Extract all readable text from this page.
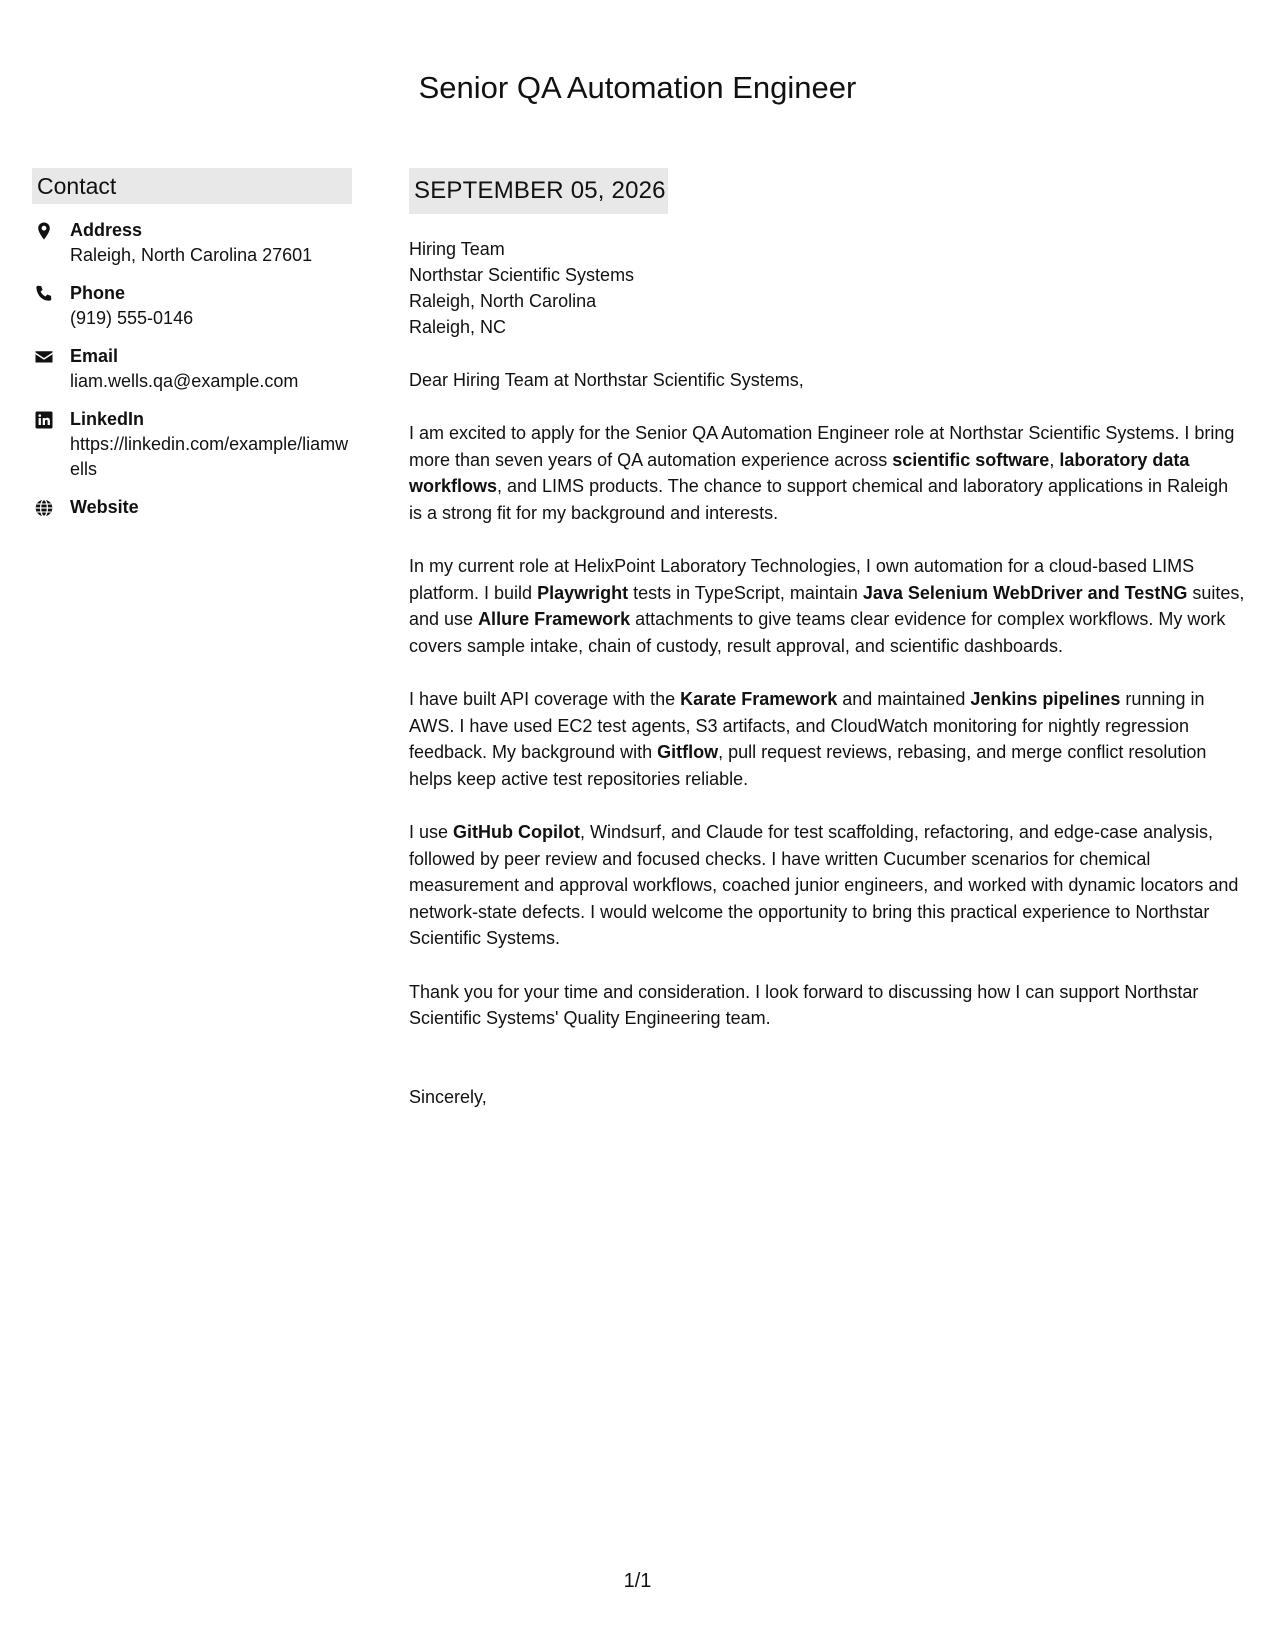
Senior QA Automation Engineer
Contact
Address
Raleigh, North Carolina 27601
Phone
(919) 555-0146
Email
liam.wells.qa@example.com
LinkedIn
https://linkedin.com/example/liamwells
Website
SEPTEMBER 05, 2026
Hiring Team
Northstar Scientific Systems
Raleigh, North Carolina
Raleigh, NC

Dear Hiring Team at Northstar Scientific Systems,

I am excited to apply for the Senior QA Automation Engineer role at Northstar Scientific Systems. I bring more than seven years of QA automation experience across scientific software, laboratory data workflows, and LIMS products. The chance to support chemical and laboratory applications in Raleigh is a strong fit for my background and interests.

In my current role at HelixPoint Laboratory Technologies, I own automation for a cloud-based LIMS platform. I build Playwright tests in TypeScript, maintain Java Selenium WebDriver and TestNG suites, and use Allure Framework attachments to give teams clear evidence for complex workflows. My work covers sample intake, chain of custody, result approval, and scientific dashboards.

I have built API coverage with the Karate Framework and maintained Jenkins pipelines running in AWS. I have used EC2 test agents, S3 artifacts, and CloudWatch monitoring for nightly regression feedback. My background with Gitflow, pull request reviews, rebasing, and merge conflict resolution helps keep active test repositories reliable.

I use GitHub Copilot, Windsurf, and Claude for test scaffolding, refactoring, and edge-case analysis, followed by peer review and focused checks. I have written Cucumber scenarios for chemical measurement and approval workflows, coached junior engineers, and worked with dynamic locators and network-state defects. I would welcome the opportunity to bring this practical experience to Northstar Scientific Systems.

Thank you for your time and consideration. I look forward to discussing how I can support Northstar Scientific Systems' Quality Engineering team.

Sincerely,

1/1
